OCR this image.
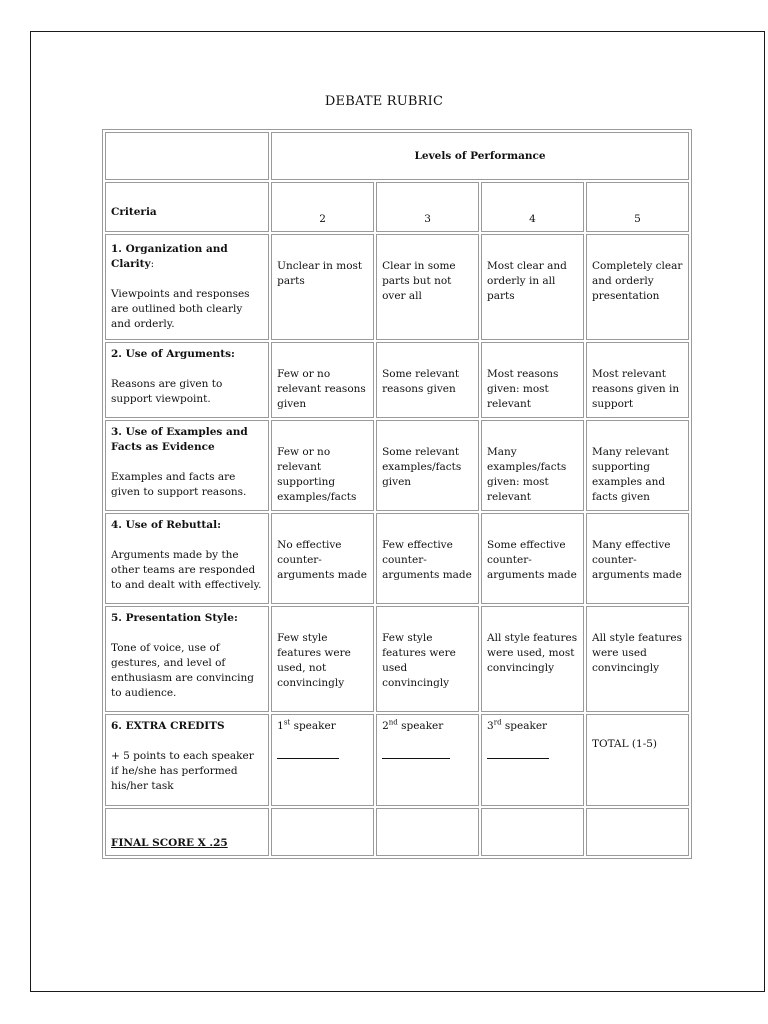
DEBATE RUBRIC
	Levels of Performance			
Criteria	2	3	4	5
1. Organization and Clarity:
Viewpoints and responses are outlined both clearly and orderly.	Unclear in most parts	Clear in some parts but not over all	Most clear and orderly in all parts	Completely clear and orderly presentation
2. Use of Arguments:
Reasons are given to support viewpoint.	Few or no relevant reasons given	Some relevant reasons given	Most reasons given: most relevant	Most relevant reasons given in support
3. Use of Examples and Facts as Evidence
Examples and facts are given to support reasons.	Few or no relevant supporting examples/facts	Some relevant examples/facts given	Many examples/facts given: most relevant	Many relevant supporting examples and facts given
4. Use of Rebuttal:
Arguments made by the other teams are responded to and dealt with effectively.	No effective counter-arguments made	Few effective counter-arguments made	Some effective counter-arguments made	Many effective counter-arguments made
5. Presentation Style:
Tone of voice, use of gestures, and level of enthusiasm are convincing to audience.	Few style features were used, not convincingly	Few style features were used convincingly	All style features were used, most convincingly	All style features were used convincingly
6. EXTRA CREDITS
+ 5 points to each speaker if he/she has performed his/her task	1st speaker	2nd speaker	3rd speaker	TOTAL (1-5)
FINAL SCORE X .25				
